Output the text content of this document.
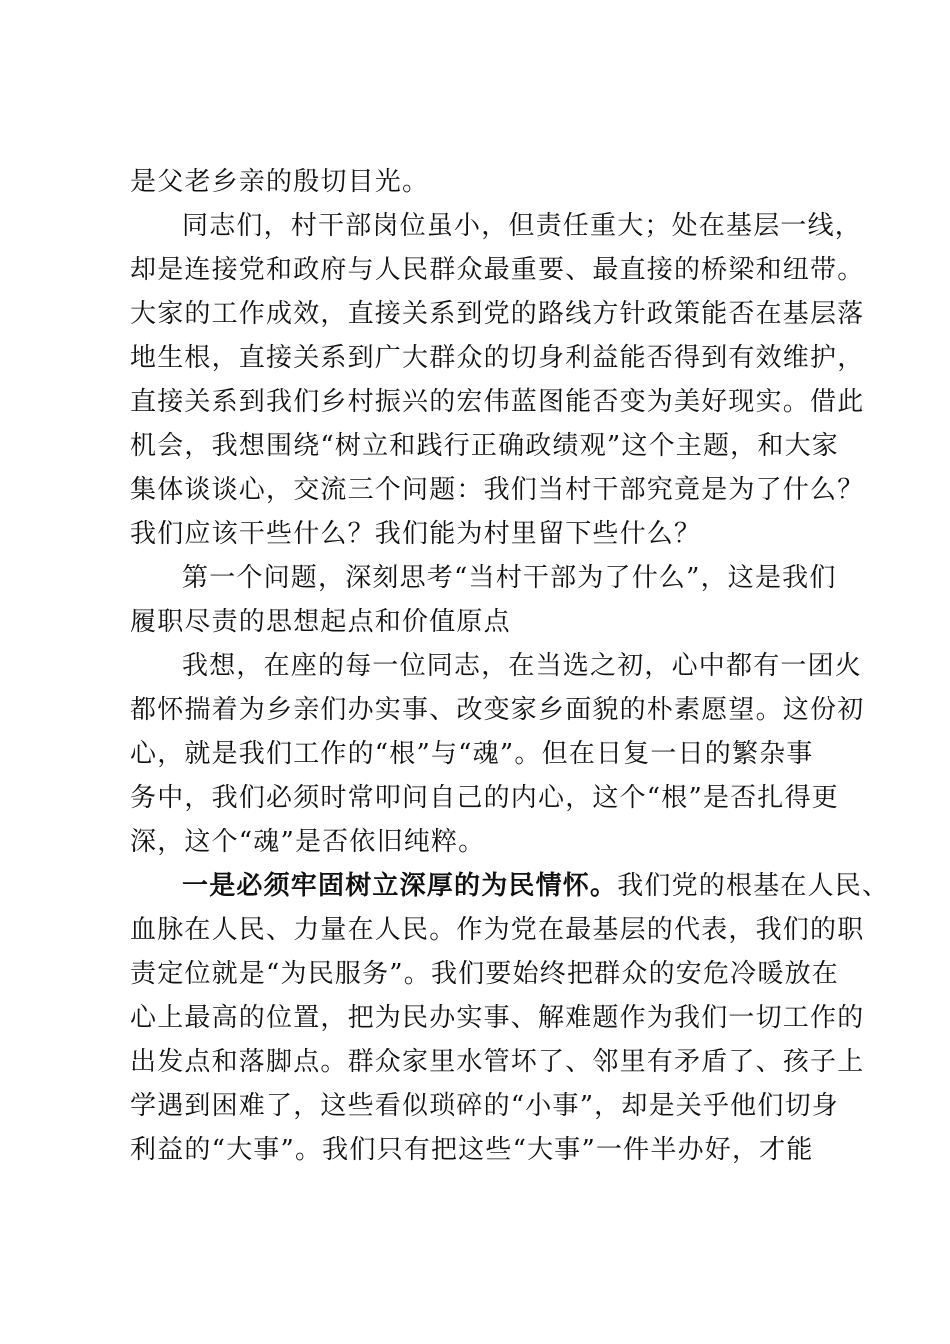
是父老乡亲的殷切目光。
同志们，村干部岗位虽小，但责任重大；处在基层一线，
却是连接党和政府与人民群众最重要、最直接的桥梁和纽带。
大家的工作成效，直接关系到党的路线方针政策能否在基层落
地生根，直接关系到广大群众的切身利益能否得到有效维护，
直接关系到我们乡村振兴的宏伟蓝图能否变为美好现实。借此
机会，我想围绕“树立和践行正确政绩观”这个主题，和大家
集体谈谈心，交流三个问题：我们当村干部究竟是为了什么？
我们应该干些什么？我们能为村里留下些什么？
第一个问题，深刻思考“当村干部为了什么”，这是我们
履职尽责的思想起点和价值原点
我想，在座的每一位同志，在当选之初，心中都有一团火
都怀揣着为乡亲们办实事、改变家乡面貌的朴素愿望。这份初
心，就是我们工作的“根”与“魂”。但在日复一日的繁杂事
务中，我们必须时常叩问自己的内心，这个“根”是否扎得更
深，这个“魂”是否依旧纯粹。
一是必须牢固树立深厚的为民情怀。我们党的根基在人民、
血脉在人民、力量在人民。作为党在最基层的代表，我们的职
责定位就是“为民服务”。我们要始终把群众的安危冷暖放在
心上最高的位置，把为民办实事、解难题作为我们一切工作的
出发点和落脚点。群众家里水管坏了、邻里有矛盾了、孩子上
学遇到困难了，这些看似琐碎的“小事”，却是关乎他们切身
利益的“大事”。我们只有把这些“大事”一件半办好，才能
